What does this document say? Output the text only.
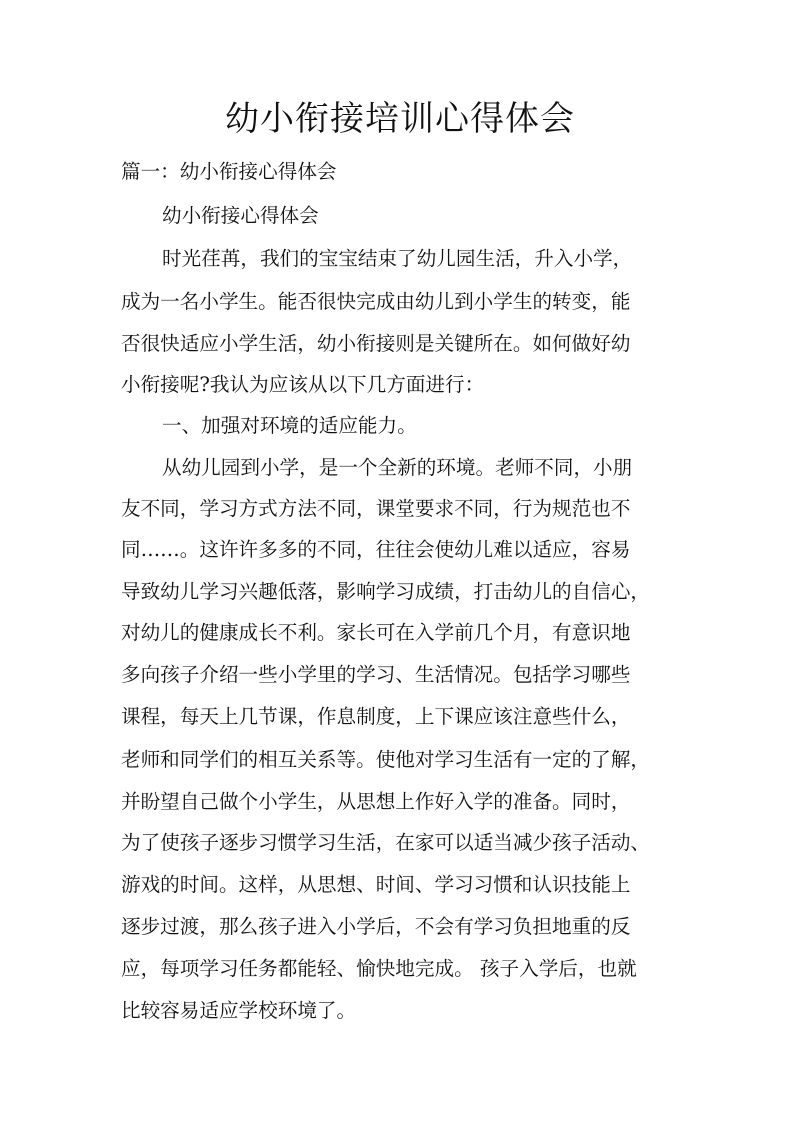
幼小衔接培训心得体会
篇一：幼小衔接心得体会
幼小衔接心得体会
时光荏苒，我们的宝宝结束了幼儿园生活，升入小学，
成为一名小学生。能否很快完成由幼儿到小学生的转变，能
否很快适应小学生活，幼小衔接则是关键所在。如何做好幼
小衔接呢?我认为应该从以下几方面进行：
一、加强对环境的适应能力。
从幼儿园到小学，是一个全新的环境。老师不同，小朋
友不同，学习方式方法不同，课堂要求不同，行为规范也不
同……。这许许多多的不同，往往会使幼儿难以适应，容易
导致幼儿学习兴趣低落，影响学习成绩，打击幼儿的自信心，
对幼儿的健康成长不利。家长可在入学前几个月，有意识地
多向孩子介绍一些小学里的学习、生活情况。包括学习哪些
课程，每天上几节课，作息制度，上下课应该注意些什么，
老师和同学们的相互关系等。使他对学习生活有一定的了解，
并盼望自己做个小学生，从思想上作好入学的准备。同时，
为了使孩子逐步习惯学习生活，在家可以适当减少孩子活动、
游戏的时间。这样，从思想、时间、学习习惯和认识技能上
逐步过渡，那么孩子进入小学后，不会有学习负担地重的反
应，每项学习任务都能轻、愉快地完成。 孩子入学后，也就
比较容易适应学校环境了。
